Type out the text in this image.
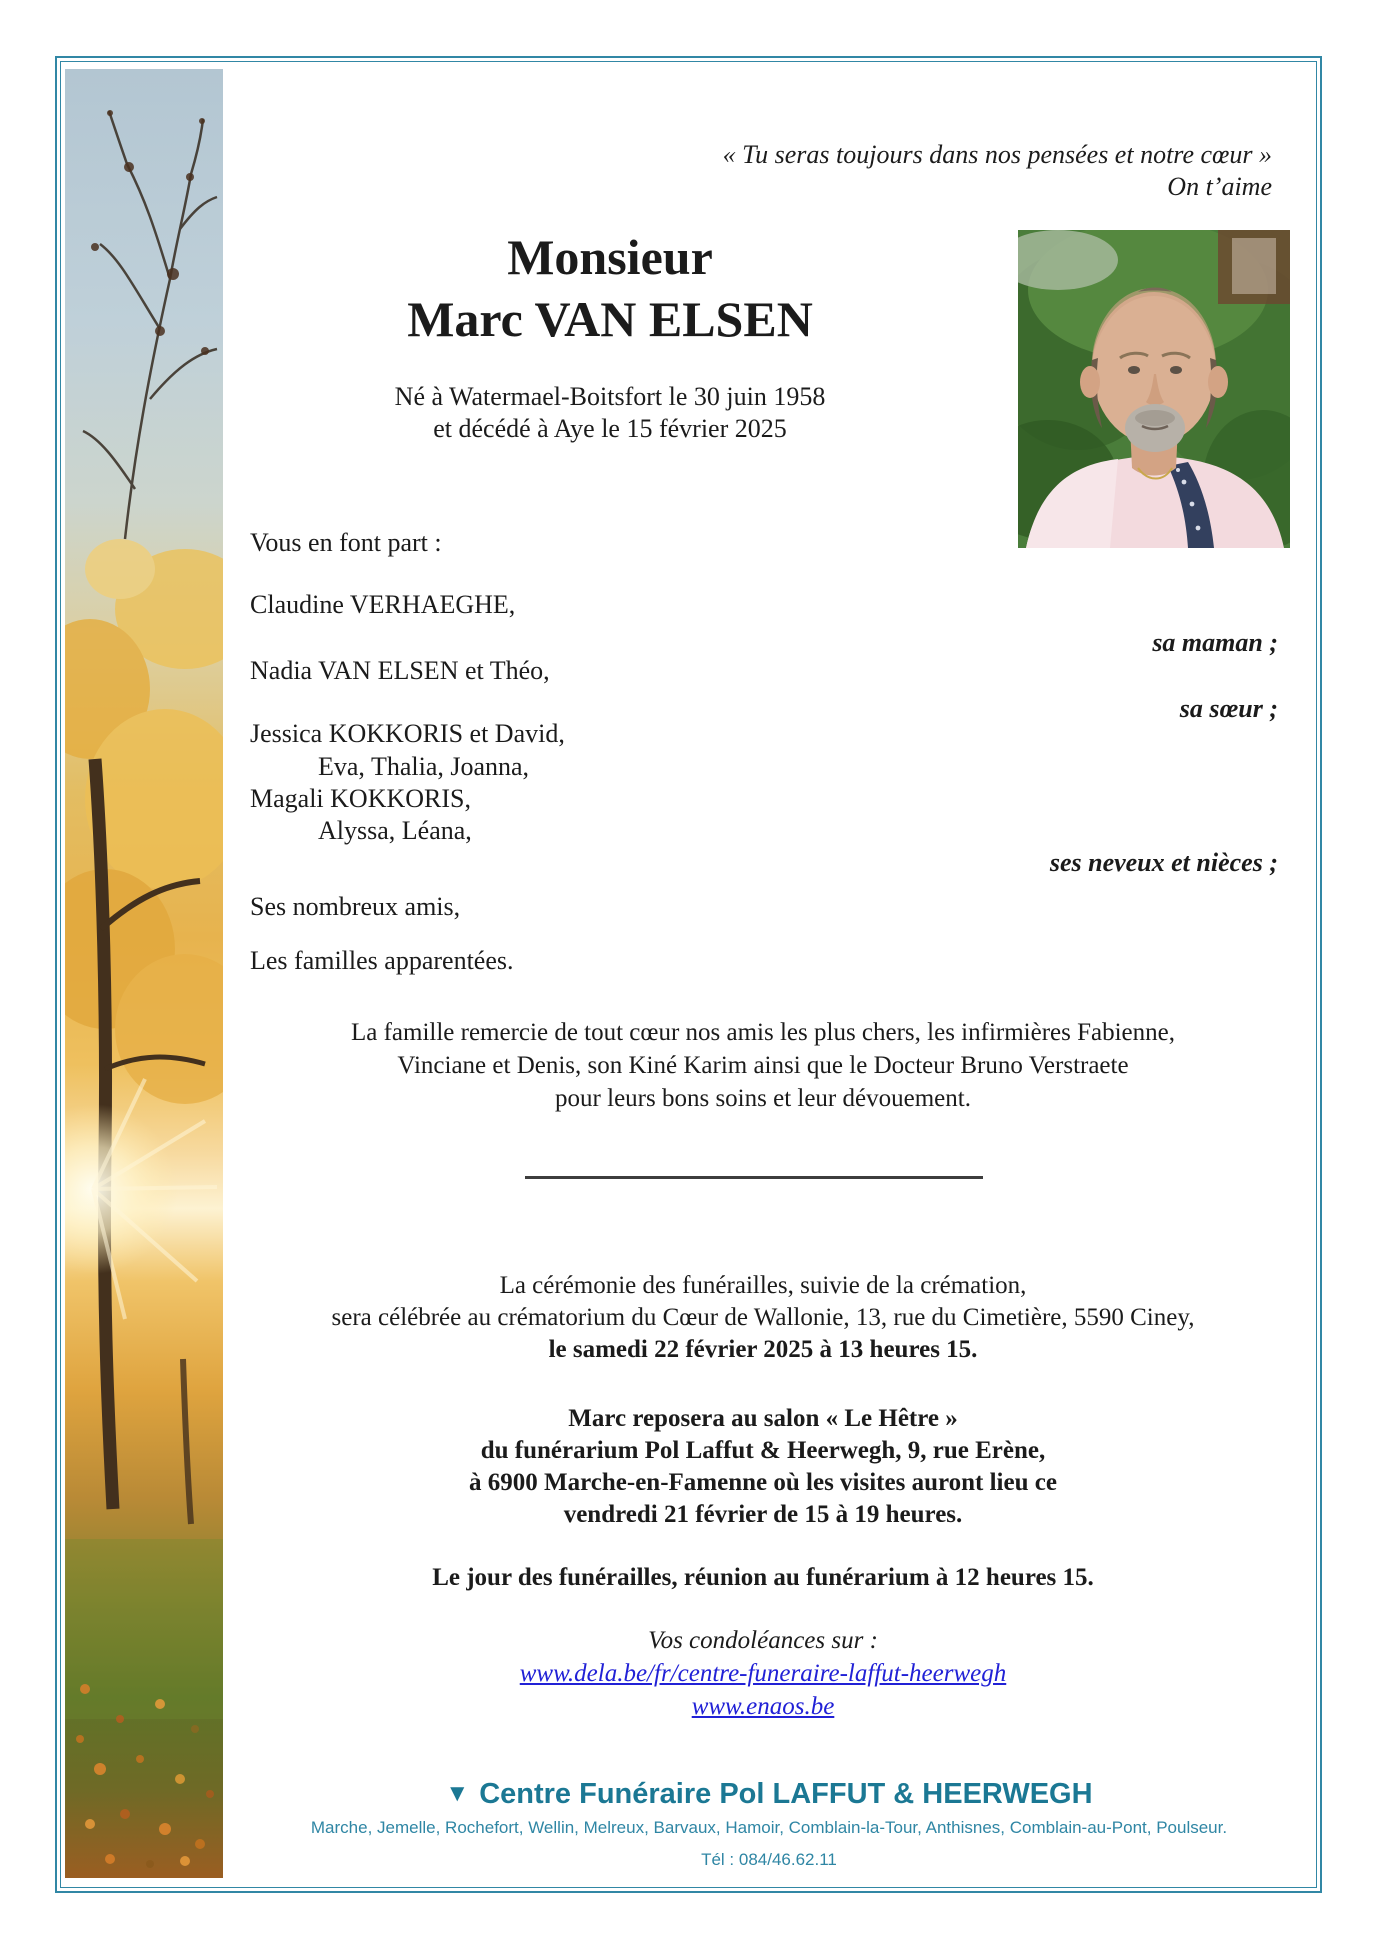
« Tu seras toujours dans nos pensées et notre cœur »
On t’aime
Monsieur
Marc VAN ELSEN
Né à Watermael-Boitsfort le 30 juin 1958
et décédé à Aye le 15 février 2025
Vous en font part :
Claudine VERHAEGHE,
sa maman ;
Nadia VAN ELSEN et Théo,
sa sœur ;
Jessica KOKKORIS et David,
Eva, Thalia, Joanna,
Magali KOKKORIS,
Alyssa, Léana,
ses neveux et nièces ;
Ses nombreux amis,
Les familles apparentées.
La famille remercie de tout cœur nos amis les plus chers, les infirmières Fabienne,
Vinciane et Denis, son Kiné Karim ainsi que le Docteur Bruno Verstraete
pour leurs bons soins et leur dévouement.
La cérémonie des funérailles, suivie de la crémation,
sera célébrée au crématorium du Cœur de Wallonie, 13, rue du Cimetière, 5590 Ciney,
le samedi 22 février 2025 à 13 heures 15.
Marc reposera au salon « Le Hêtre »
du funérarium Pol Laffut & Heerwegh, 9, rue Erène,
à 6900 Marche-en-Famenne où les visites auront lieu ce
vendredi 21 février de 15 à 19 heures.
Le jour des funérailles, réunion au funérarium à 12 heures 15.
Vos condoléances sur :
www.dela.be/fr/centre-funeraire-laffut-heerwegh
www.enaos.be
▼ Centre Funéraire Pol LAFFUT & HEERWEGH
Marche, Jemelle, Rochefort, Wellin, Melreux, Barvaux, Hamoir, Comblain-la-Tour, Anthisnes, Comblain-au-Pont, Poulseur.
Tél : 084/46.62.11
